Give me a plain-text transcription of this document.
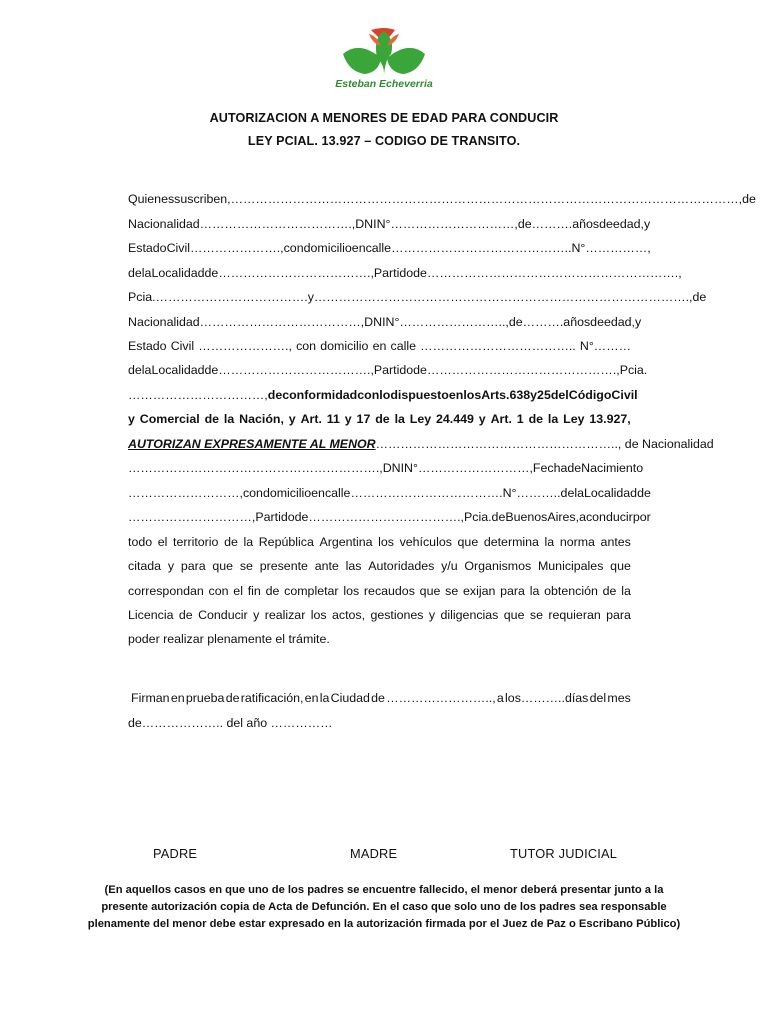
Esteban Echeverria
AUTORIZACION A MENORES DE EDAD PARA CONDUCIR
LEY PCIAL. 13.927 – CODIGO DE TRANSITO.
Quienes suscriben, ……………………………………………………………………………………………………………, de
Nacionalidad ………………………………., DNI N°…………………………, de ………. años de edad, y
Estado Civil…………………., con domicilio en calle…………………………………….. N°……………,
de la Localidad de ………………………………., Partido de …………………………………………………….,
Pcia. ………………………………. y ………………………………………………………………………………., de
Nacionalidad …………………………………, DNI N°…………………….., de ………. años de edad, y
Estado Civil …………………., con domicilio en calle ……………………………….. N°………
de la Localidad de ………………………………., Partido de ………………………………………., Pcia.
……………………………, de conformidad con lo dispuesto en los Arts. 638 y 25 del Código Civil
y Comercial de la Nación, y Art. 11 y 17 de la Ley 24.449 y Art. 1 de la Ley 13.927,
AUTORIZAN EXPRESAMENTE AL MENOR ………………………………………………….., de Nacionalidad
……………………………………………………., DNI N°………………………, Fecha de Nacimiento
………………………, con domicilio en calle ………………………………. N° ……….. de la Localidad de
…………………………, Partido de ………………………………., Pcia. de Buenos Aires, a conducir por
todo el territorio de la República Argentina los vehículos que determina la norma antes
citada y para que se presente ante las Autoridades y/u Organismos Municipales que
correspondan con el fin de completar los recaudos que se exijan para la obtención de la
Licencia de Conducir y realizar los actos, gestiones y diligencias que se requieran para
poder realizar plenamente el trámite.
Firman en prueba de ratificación, en la Ciudad de …………………….., a los………..días del mes
de……………….. del año ……………
PADRE	MADRE	TUTOR JUDICIAL
(En aquellos casos en que uno de los padres se encuentre fallecido, el menor deberá presentar junto a la presente autorización copia de Acta de Defunción. En el caso que solo uno de los padres sea responsable plenamente del menor debe estar expresado en la autorización firmada por el Juez de Paz o Escribano Público)
